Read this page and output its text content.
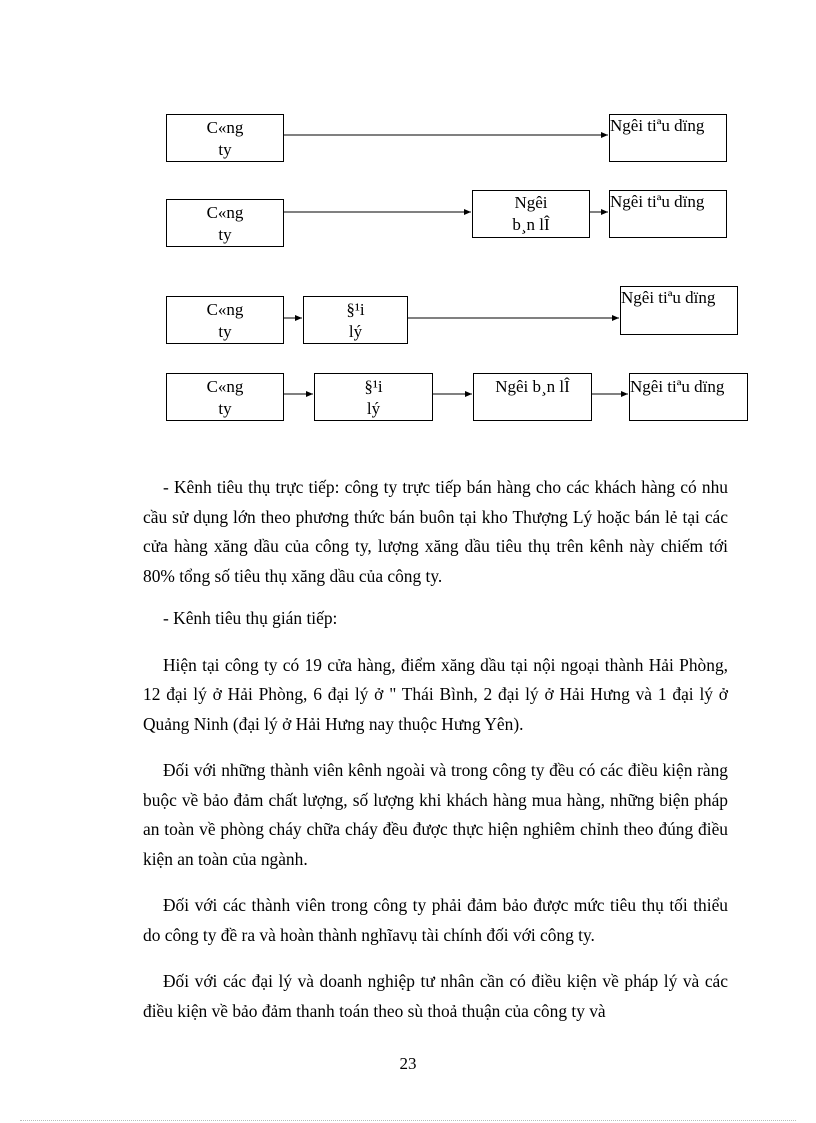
C«ng
ty
Ngêi tiªu dïng
C«ng
ty
Ngêi
b¸n lÎ
Ngêi tiªu dïng
C«ng
ty
§¹i
lý
Ngêi tiªu dïng
C«ng
ty
§¹i
lý
Ngêi b¸n lÎ	Ngêi tiªu dïng

- Kênh tiêu thụ trực tiếp: công ty trực tiếp bán hàng cho các khách hàng có nhu cầu sử dụng lớn theo phương thức bán buôn tại kho Thượng Lý hoặc bán lẻ tại các cửa hàng xăng dầu của công ty, lượng xăng dầu tiêu thụ trên kênh này chiếm tới 80% tổng số tiêu thụ xăng dầu của công ty.

- Kênh tiêu thụ gián tiếp:

Hiện tại công ty có 19 cửa hàng, điểm xăng dầu tại nội ngoại thành Hải Phòng, 12 đại lý ở Hải Phòng, 6 đại lý ở " Thái Bình, 2 đại lý ở Hải Hưng và 1 đại lý ở Quảng Ninh (đại lý ở Hải Hưng nay thuộc Hưng Yên).

Đối với những thành viên kênh ngoài và trong công ty đều có các điều kiện ràng buộc về bảo đảm chất lượng, số lượng khi khách hàng mua hàng, những biện pháp an toàn về phòng cháy chữa cháy đều được thực hiện nghiêm chỉnh theo đúng điều kiện an toàn của ngành.

Đối với các thành viên trong công ty phải đảm bảo được mức tiêu thụ tối thiểu do công ty đề ra và hoàn thành nghĩavụ tài chính đối với công ty.

Đối với các đại lý và doanh nghiệp tư nhân cần có điều kiện về pháp lý và các điều kiện về bảo đảm thanh toán theo sù thoả thuận của công ty và

23
